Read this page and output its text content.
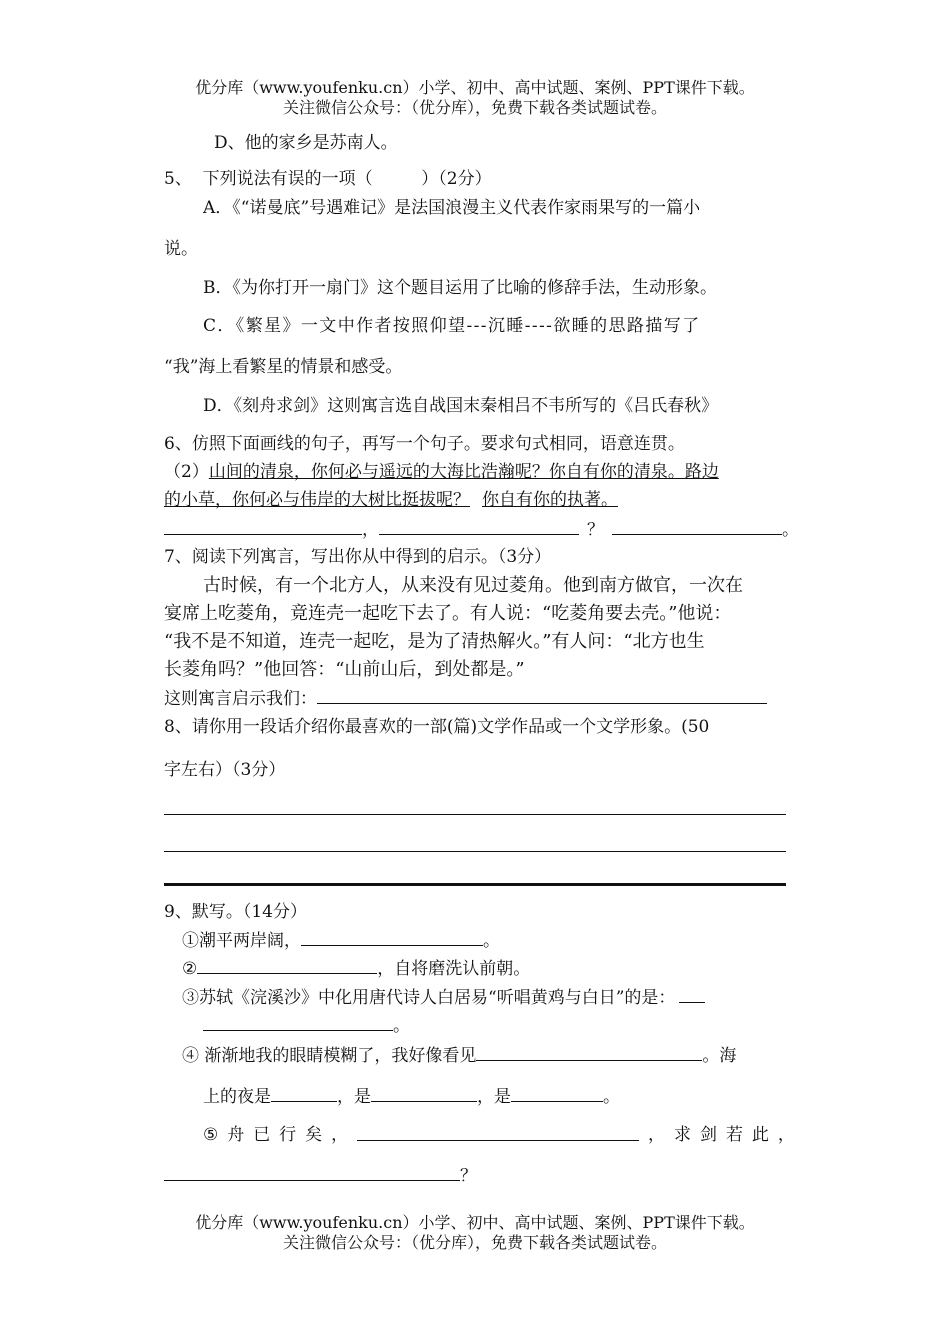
优分库（www.youfenku.cn）小学、初中、高中试题、案例、PPT课件下载。
关注微信公众号：（优分库），免费下载各类试题试卷。
D、他的家乡是苏南人。
5、  下列说法有误的一项（         ）（2分）
A．《“诺曼底”号遇难记》是法国浪漫主义代表作家雨果写的一篇小
说。
B．《为你打开一扇门》这个题目运用了比喻的修辞手法，生动形象。
C．《繁星》一文中作者按照仰望---沉睡----欲睡的思路描写了
“我”海上看繁星的情景和感受。
D．《刻舟求剑》这则寓言选自战国末秦相吕不韦所写的《吕氏春秋》
6、仿照下面画线的句子，再写一个句子。要求句式相同，语意连贯。
（2）山间的清泉，你何必与遥远的大海比浩瀚呢？你自有你的清泉。路边
的小草，你何必与伟岸的大树比挺拔呢？ 你自有你的执著。
，	？	。
7、阅读下列寓言，写出你从中得到的启示。（3分）
古时候，有一个北方人，从来没有见过菱角。他到南方做官，一次在
宴席上吃菱角，竟连壳一起吃下去了。有人说：“吃菱角要去壳。”他说：
“我不是不知道，连壳一起吃，是为了清热解火。”有人问：“北方也生
长菱角吗？”他回答：“山前山后，到处都是。”
这则寓言启示我们：
8、请你用一段话介绍你最喜欢的一部(篇)文学作品或一个文学形象。(50
字左右）（3分）
9、默写。（14分）
①潮平两岸阔，	。
②	，自将磨洗认前朝。
③苏轼《浣溪沙》中化用唐代诗人白居易“听唱黄鸡与白日”的是：
。
④ 渐渐地我的眼睛模糊了，我好像看见	。海
上的夜是	，是	，是	。
⑤ 舟 已 行 矣 ，	， 求 剑 若 此 ，
？
优分库（www.youfenku.cn）小学、初中、高中试题、案例、PPT课件下载。
关注微信公众号：（优分库），免费下载各类试题试卷。
